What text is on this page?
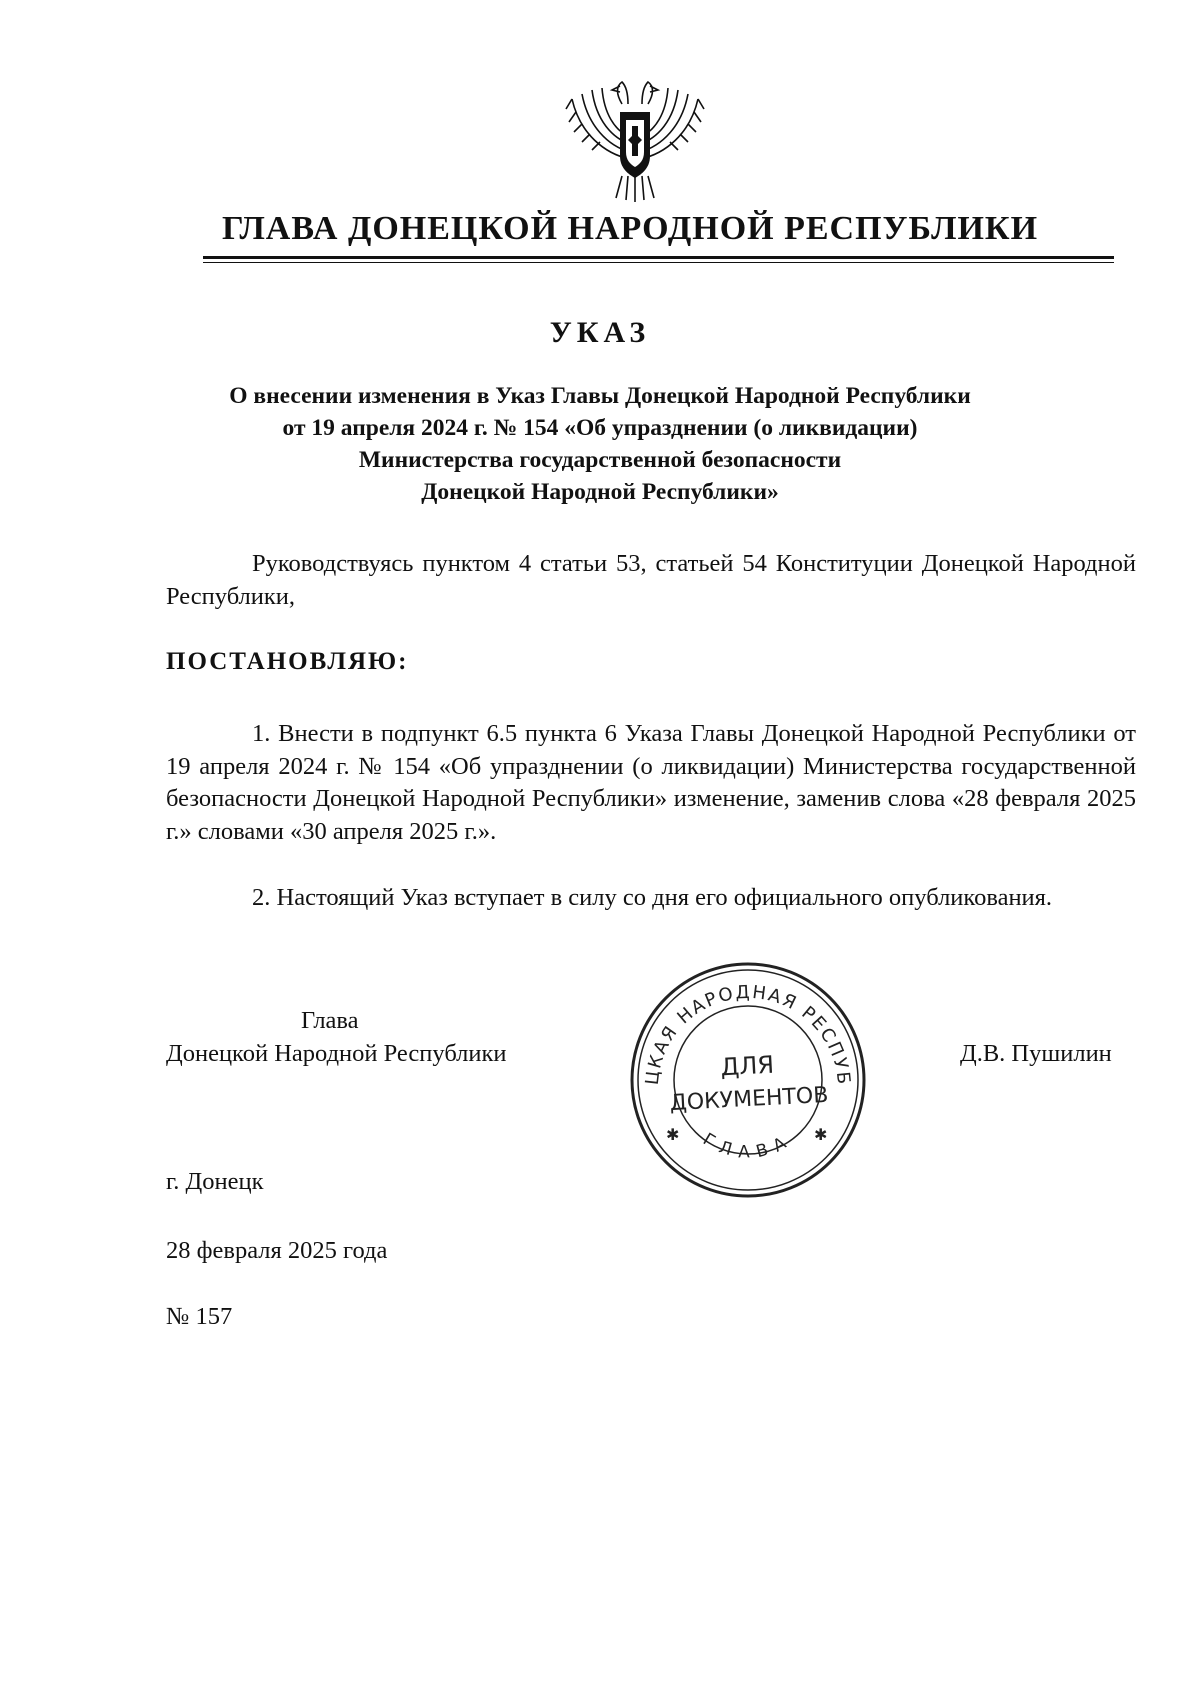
ГЛАВА ДОНЕЦКОЙ НАРОДНОЙ РЕСПУБЛИКИ
УКАЗ
О внесении изменения в Указ Главы Донецкой Народной Республики
от 19 апреля 2024 г. № 154 «Об упразднении (о ликвидации)
Министерства государственной безопасности
Донецкой Народной Республики»
Руководствуясь пунктом 4 статьи 53, статьей 54 Конституции Донецкой Народной Республики,
ПОСТАНОВЛЯЮ:
1. Внести в подпункт 6.5 пункта 6 Указа Главы Донецкой Народной Республики от 19 апреля 2024 г. № 154 «Об упразднении (о ликвидации) Министерства государственной безопасности Донецкой Народной Республики» изменение, заменив слова «28 февраля 2025 г.» словами «30 апреля 2025 г.».
2. Настоящий Указ вступает в силу со дня его официального опубликования.
Глава
Донецкой Народной Республики	Д.В. Пушилин
ЦКАЯ НАРОДНАЯ РЕСПУБ
ГЛАВА
✱	✱
ДЛЯ
ДОКУМЕНТОВ
г. Донецк
28 февраля 2025 года
№ 157
